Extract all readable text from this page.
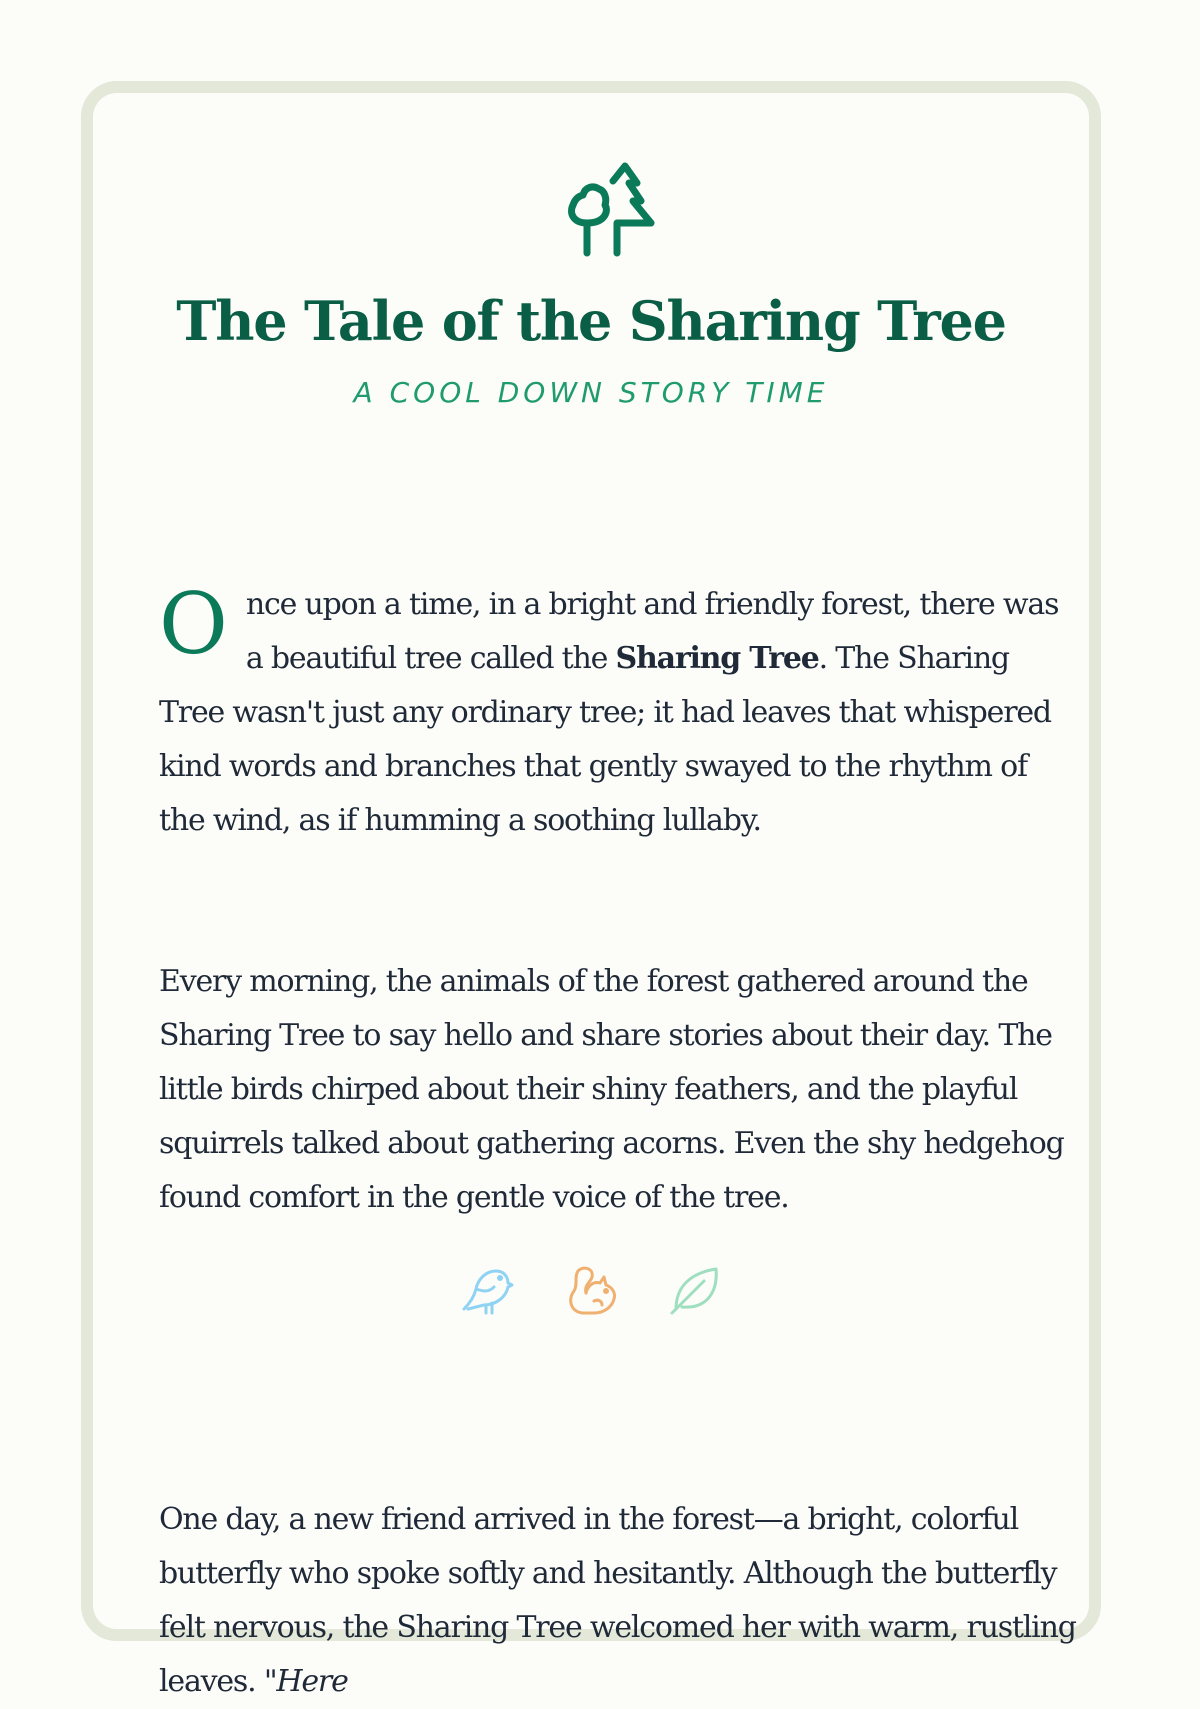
The Tale of the Sharing Tree
A COOL DOWN STORY TIME

Once upon a time, in a bright and friendly forest, there was a beautiful tree called the Sharing Tree. The Sharing Tree wasn't just any ordinary tree; it had leaves that whispered kind words and branches that gently swayed to the rhythm of the wind, as if humming a soothing lullaby.

Every morning, the animals of the forest gathered around the Sharing Tree to say hello and share stories about their day. The little birds chirped about their shiny feathers, and the playful squirrels talked about gathering acorns. Even the shy hedgehog found comfort in the gentle voice of the tree.

One day, a new friend arrived in the forest—a bright, colorful butterfly who spoke softly and hesitantly. Although the butterfly felt nervous, the Sharing Tree welcomed her with warm, rustling leaves. "Here
